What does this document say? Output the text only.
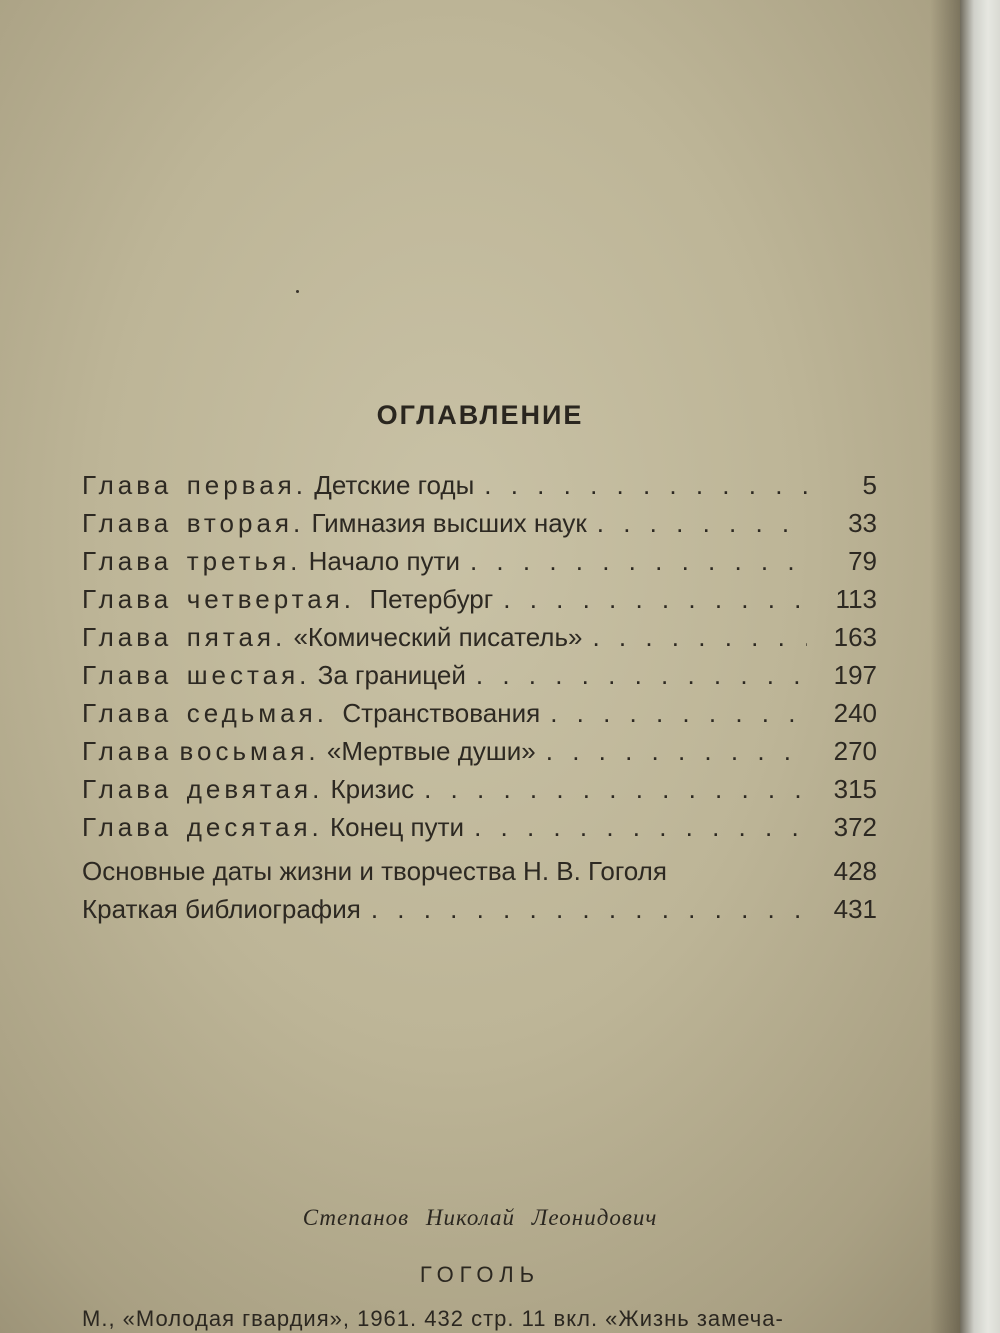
ОГЛАВЛЕНИЕ
Глава первая. Детские годы . . .	5
Глава вторая. Гимназия высших наук . . .	33
Глава третья. Начало пути . . .	79
Глава четвертая. Петербург . . .	113
Глава пятая. «Комический писатель» . . .	163
Глава шестая. За границей . . .	197
Глава седьмая. Странствования . . .	240
Глава восьмая. «Мертвые души» . . .	270
Глава девятая. Кризис . . .	315
Глава десятая. Конец пути . . .	372
Основные даты жизни и творчества Н. В. Гоголя	428
Краткая библиография . . .	431
Степанов Николай Леонидович
ГОГОЛЬ
М., «Молодая гвардия», 1961. 432 стр. 11 вкл. «Жизнь замеча-
